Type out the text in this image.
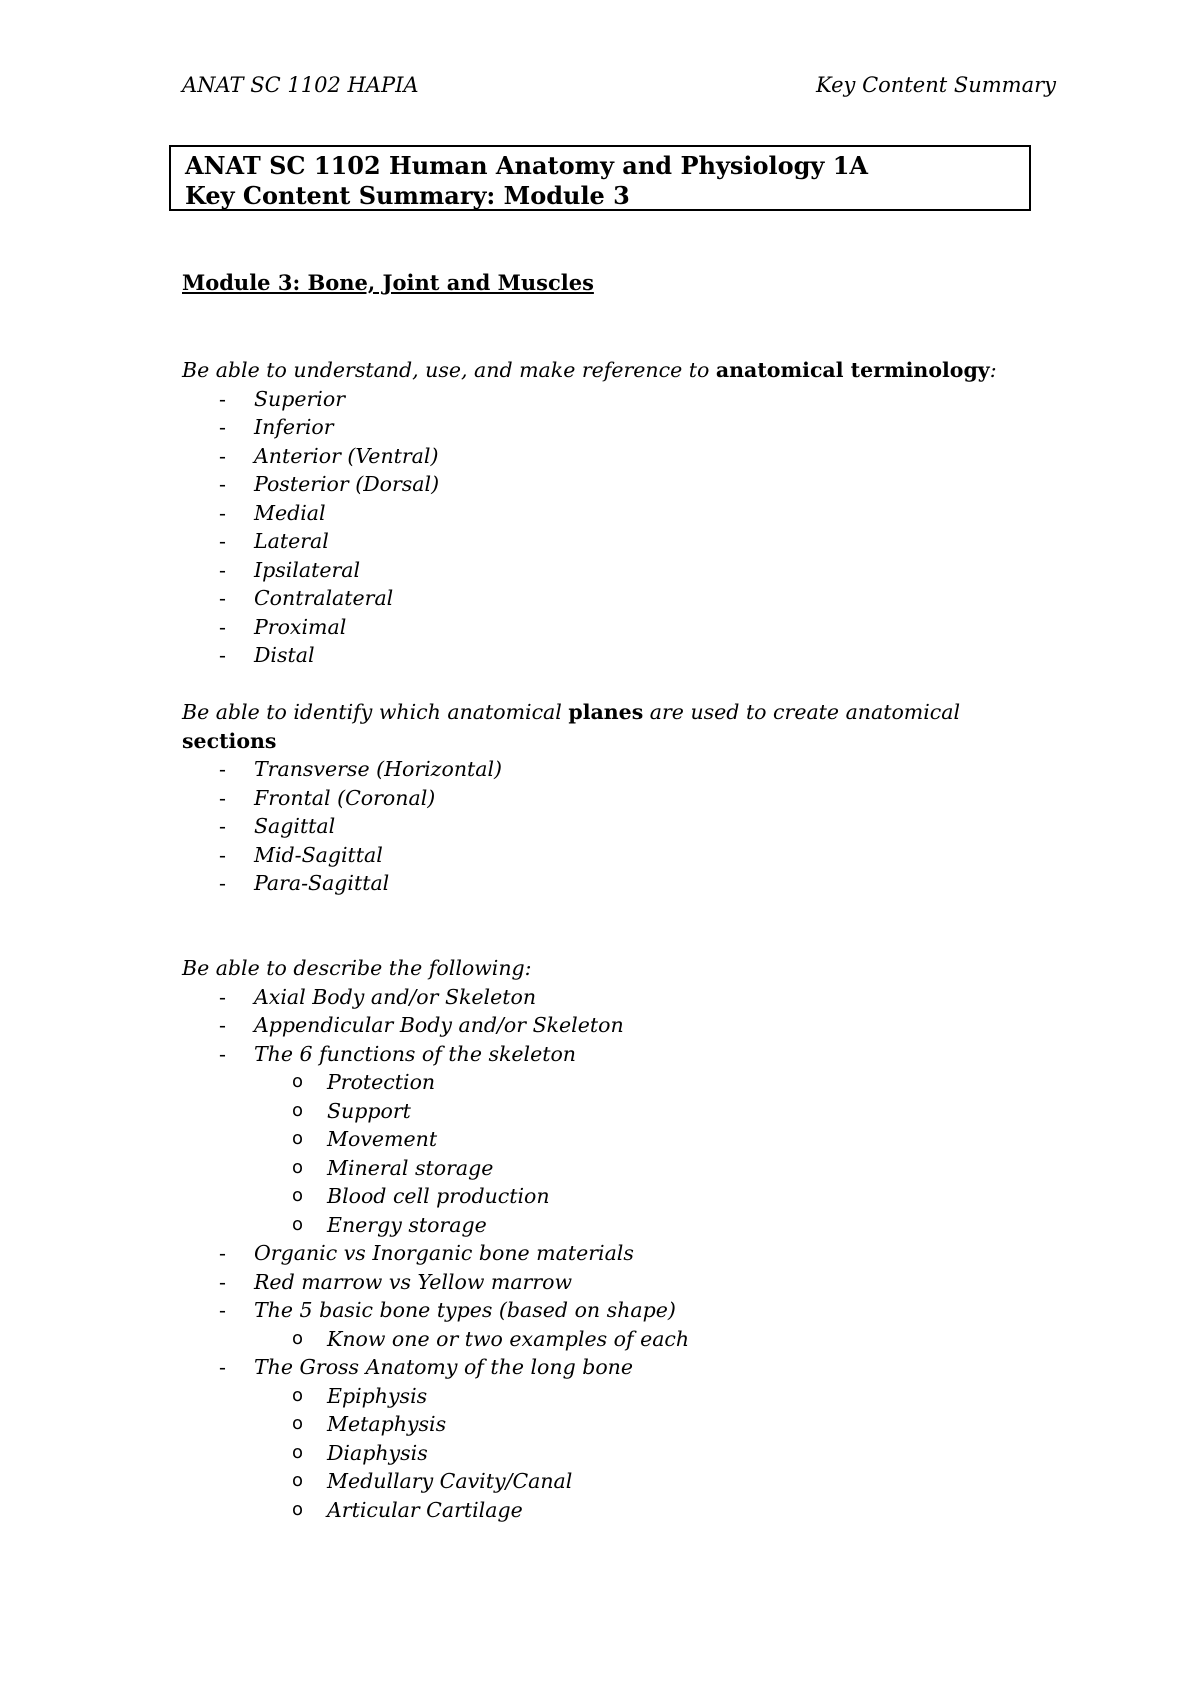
ANAT SC 1102 HAPIA	Key Content Summary
ANAT SC 1102 Human Anatomy and Physiology 1A
Key Content Summary: Module 3
Module 3: Bone, Joint and Muscles
Be able to understand, use, and make reference to anatomical terminology:
- Superior
- Inferior
- Anterior (Ventral)
- Posterior (Dorsal)
- Medial
- Lateral
- Ipsilateral
- Contralateral
- Proximal
- Distal
Be able to identify which anatomical planes are used to create anatomical
sections
- Transverse (Horizontal)
- Frontal (Coronal)
- Sagittal
- Mid-Sagittal
- Para-Sagittal
Be able to describe the following:
- Axial Body and/or Skeleton
- Appendicular Body and/or Skeleton
- The 6 functions of the skeleton
o Protection
o Support
o Movement
o Mineral storage
o Blood cell production
o Energy storage
- Organic vs Inorganic bone materials
- Red marrow vs Yellow marrow
- The 5 basic bone types (based on shape)
o Know one or two examples of each
- The Gross Anatomy of the long bone
o Epiphysis
o Metaphysis
o Diaphysis
o Medullary Cavity/Canal
o Articular Cartilage
